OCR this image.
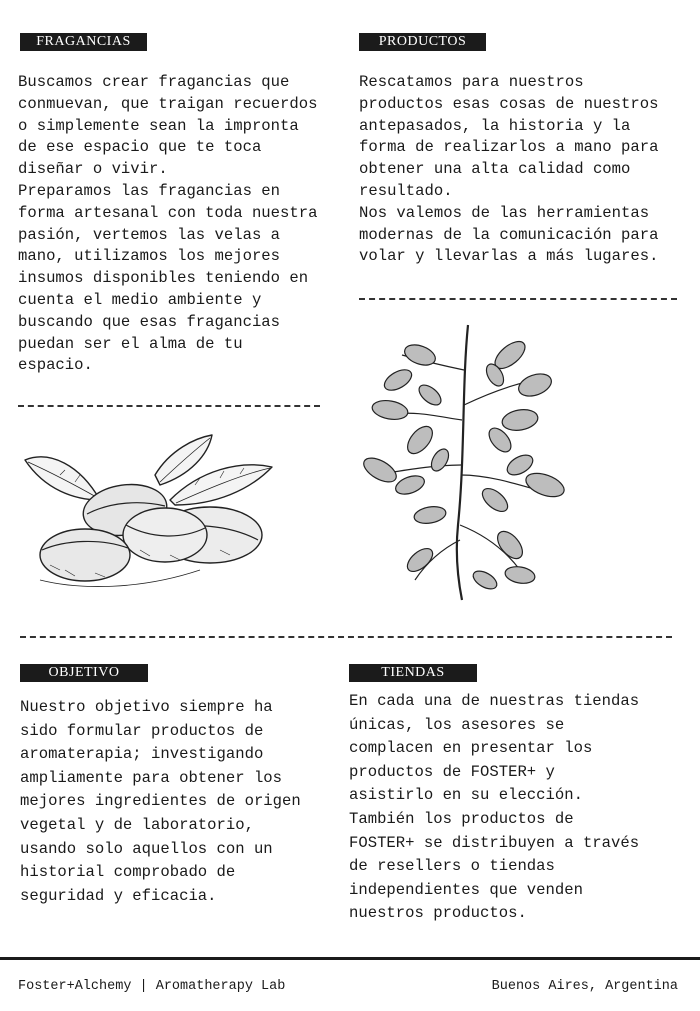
FRAGANCIAS

Buscamos crear fragancias que
conmuevan, que traigan recuerdos
o simplemente sean la impronta
de ese espacio que te toca
diseñar o vivir.
Preparamos las fragancias en
forma artesanal con toda nuestra
pasión, vertemos las velas a
mano, utilizamos los mejores
insumos disponibles teniendo en
cuenta el medio ambiente y
buscando que esas fragancias
puedan ser el alma de tu
espacio.

PRODUCTOS

Rescatamos para nuestros
productos esas cosas de nuestros
antepasados, la historia y la
forma de realizarlos a mano para
obtener una alta calidad como
resultado.
Nos valemos de las herramientas
modernas de la comunicación para
volar y llevarlas a más lugares.

OBJETIVO

Nuestro objetivo siempre ha
sido formular productos de
aromaterapia; investigando
ampliamente para obtener los
mejores ingredientes de origen
vegetal y de laboratorio,
usando solo aquellos con un
historial comprobado de
seguridad y eficacia.

TIENDAS

En cada una de nuestras tiendas
únicas, los asesores se
complacen en presentar los
productos de FOSTER+ y
asistirlo en su elección.
También los productos de
FOSTER+ se distribuyen a través
de resellers o tiendas
independientes que venden
nuestros productos.

Foster+Alchemy | Aromatherapy Lab	Buenos Aires, Argentina
